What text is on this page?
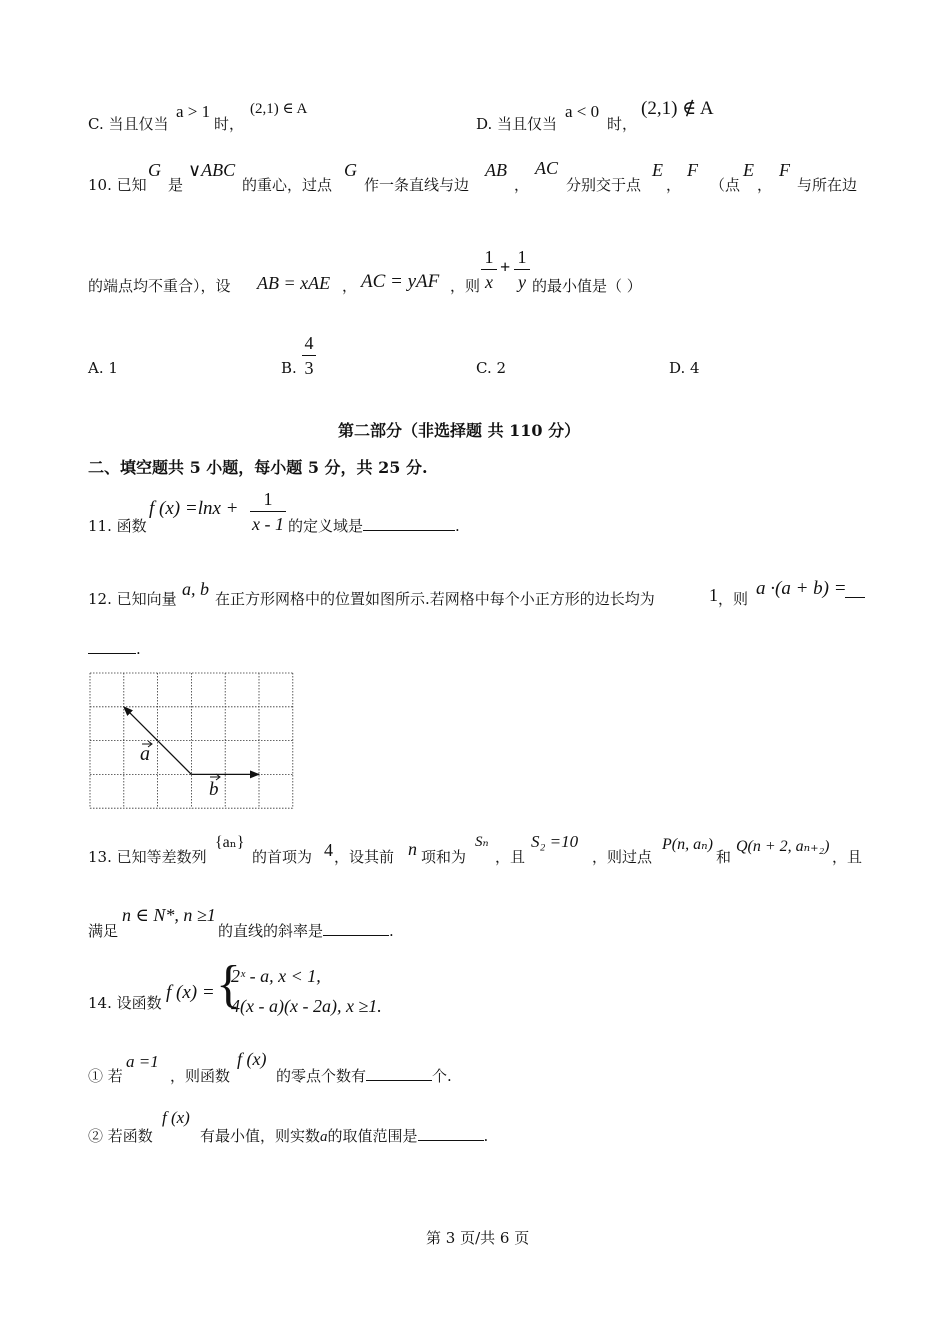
C. 当且仅当
a > 1
时，
(2,1) ∈ A
D. 当且仅当
a < 0
时，
(2,1) ∉ A
10. 已知
G
是
∨ABC
的重心，过点
G
作一条直线与边
AB
，
AC
分别交于点
E
，
F
（点
E
，
F
与所在边
的端点均不重合），设 AB = xAE ， AC = yAF ，则
1
x
+ 1
y 的最小值是（ ）
A. 1	B.
4
3	C. 2	D. 4
第二部分（非选择题 共 110 分）
二、填空题共 5 小题，每小题 5 分，共 25 分.
11. 函数
f (x) =lnx +	1
x - 1 的定义域是	.
12. 已知向量 a, b 在正方形网格中的位置如图所示.若网格中每个小正方形的边长均为	1 ，则 a ·(a + b) =
.
a
b
13. 已知等差数列
{aₙ}
的首项为 4 ，设其前 n 项和为
Sₙ
，且
S₂ =10
，则过点
P(n, aₙ)
和
Q(n + 2, aₙ₊₂)
，且
满足
n ∈ N*, n ≥1
的直线的斜率是	.
14. 设函数 f (x) = {
2ˣ - a, x < 1,
4(x - a)(x - 2a), x ≥1.
① 若
a =1
，则函数
f (x)
的零点个数有	个.
② 若函数
f (x)
有最小值，则实数a的取值范围是	.
第 3 页/共 6 页
